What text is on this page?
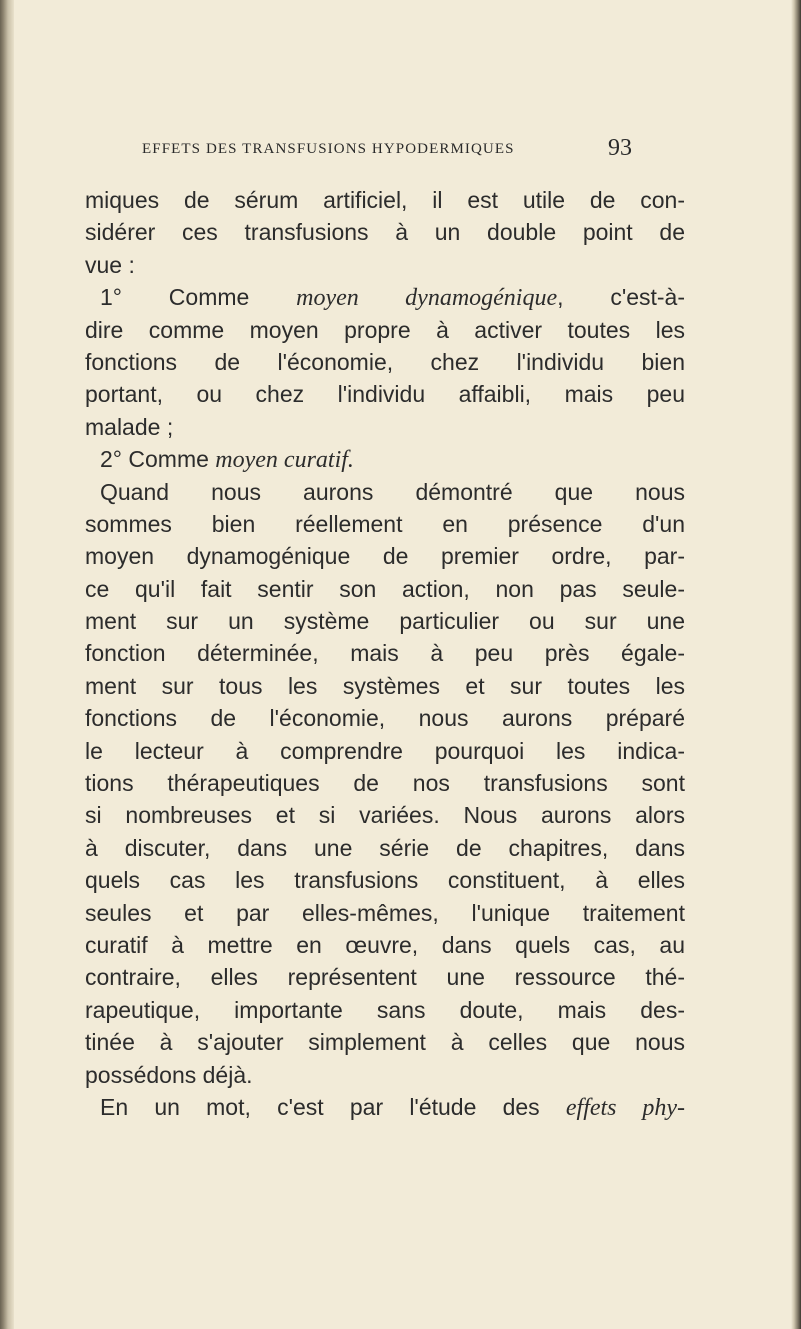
EFFETS DES TRANSFUSIONS HYPODERMIQUES	93
miques de sérum artificiel, il est utile de con-
sidérer ces transfusions à un double point de
vue :
1° Comme moyen dynamogénique, c'est-à-
dire comme moyen propre à activer toutes les
fonctions de l'économie, chez l'individu bien
portant, ou chez l'individu affaibli, mais peu
malade ;
2° Comme moyen curatif.
Quand nous aurons démontré que nous
sommes bien réellement en présence d'un
moyen dynamogénique de premier ordre, par-
ce qu'il fait sentir son action, non pas seule-
ment sur un système particulier ou sur une
fonction déterminée, mais à peu près égale-
ment sur tous les systèmes et sur toutes les
fonctions de l'économie, nous aurons préparé
le lecteur à comprendre pourquoi les indica-
tions thérapeutiques de nos transfusions sont
si nombreuses et si variées. Nous aurons alors
à discuter, dans une série de chapitres, dans
quels cas les transfusions constituent, à elles
seules et par elles-mêmes, l'unique traitement
curatif à mettre en œuvre, dans quels cas, au
contraire, elles représentent une ressource thé-
rapeutique, importante sans doute, mais des-
tinée à s'ajouter simplement à celles que nous
possédons déjà.
En un mot, c'est par l'étude des effets phy-
